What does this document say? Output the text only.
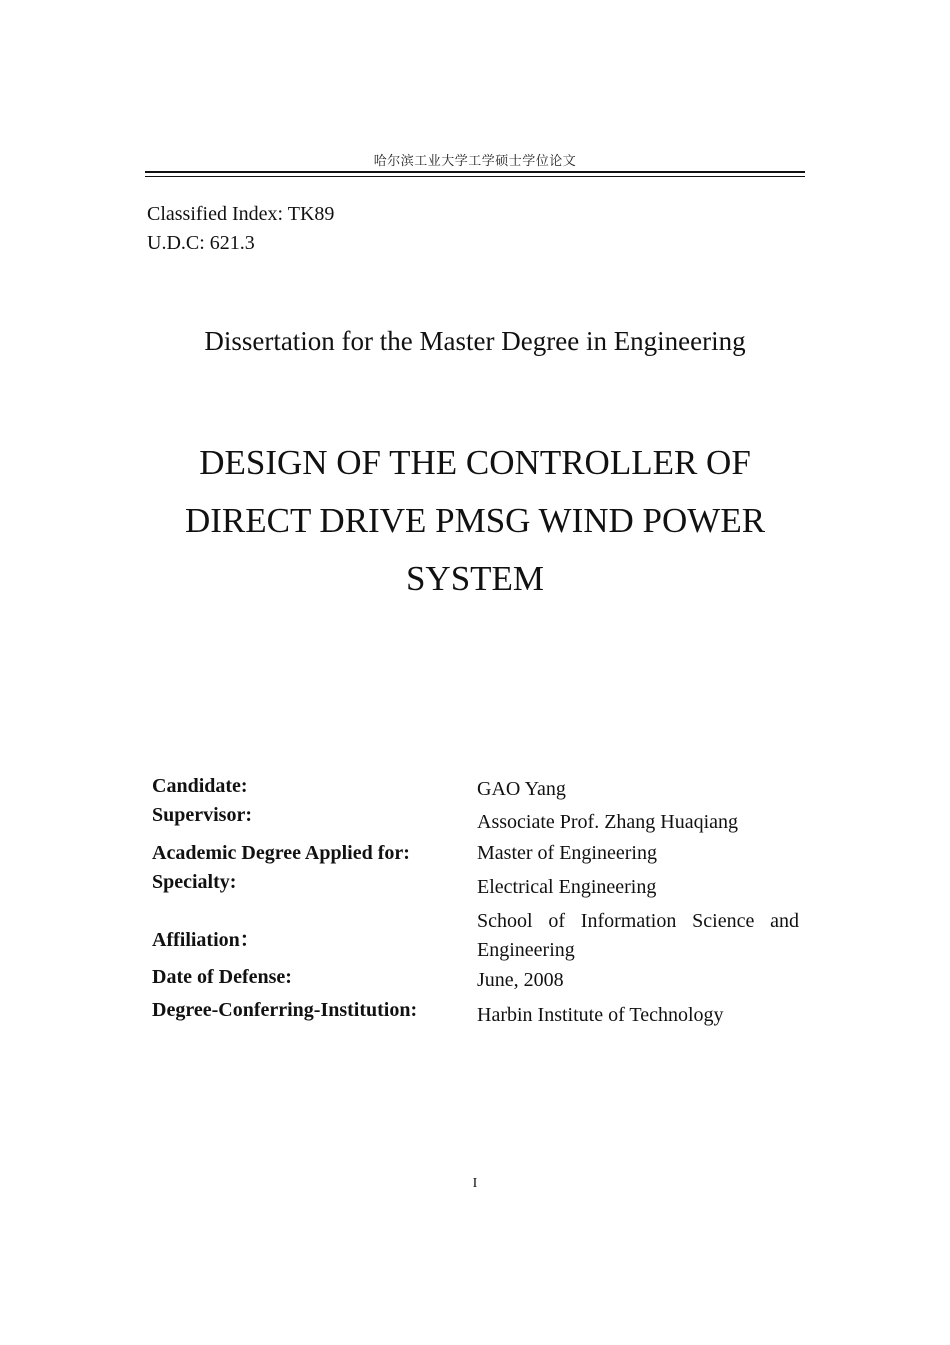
哈尔滨工业大学工学硕士学位论文
Classified Index: TK89
U.D.C: 621.3
Dissertation for the Master Degree in Engineering
DESIGN OF THE CONTROLLER OF
DIRECT DRIVE PMSG WIND POWER
SYSTEM
Candidate:	GAO Yang
Supervisor:	Associate Prof. Zhang Huaqiang
Academic Degree Applied for:	Master of Engineering
Specialty:	Electrical Engineering
Affiliation：
School of Information Science and Engineering
Date of Defense:	June, 2008
Degree-Conferring-Institution:	Harbin Institute of Technology
I
